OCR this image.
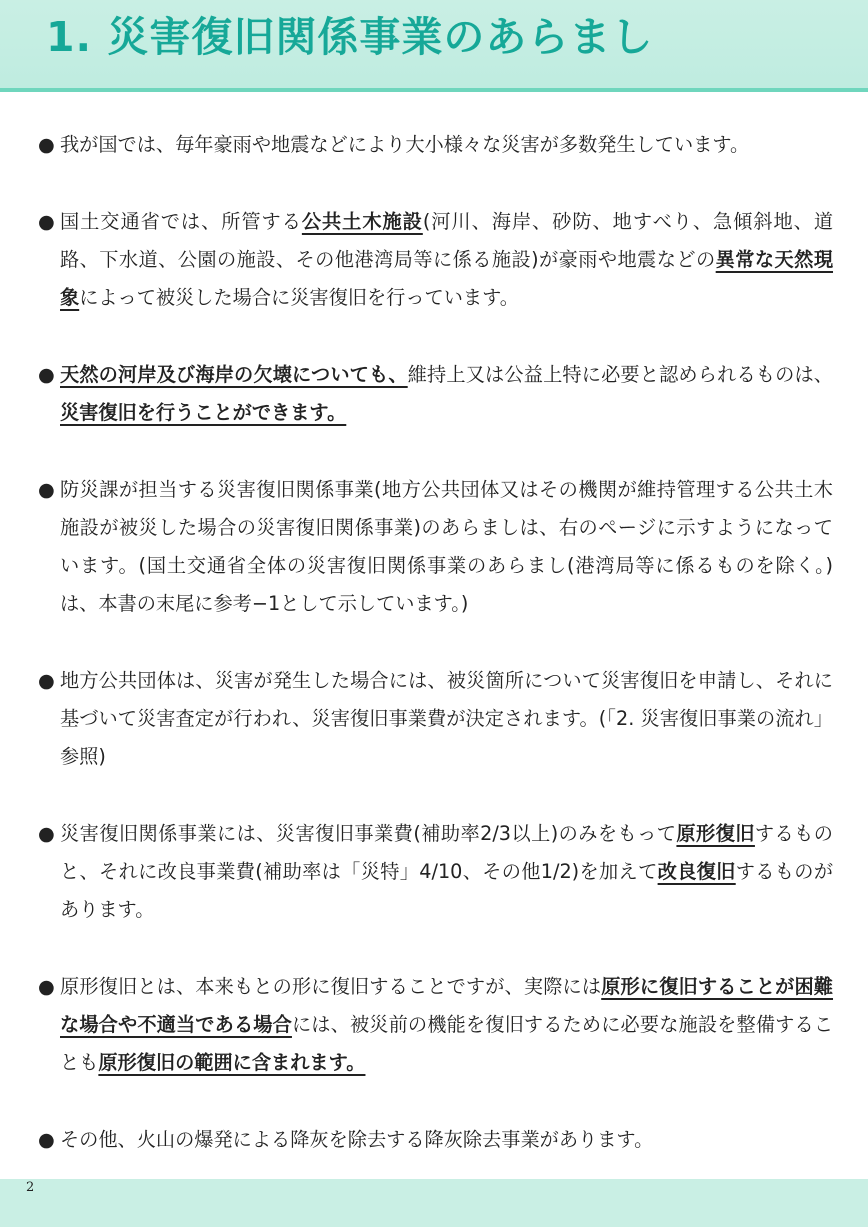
1. 災害復旧関係事業のあらまし
● 我が国では、毎年豪雨や地震などにより大小様々な災害が多数発生しています。
● 国土交通省では、所管する公共土木施設(河川、海岸、砂防、地すべり、急傾斜地、道路、下水道、公園の施設、その他港湾局等に係る施設)が豪雨や地震などの異常な天然現象によって被災した場合に災害復旧を行っています。
● 天然の河岸及び海岸の欠壊についても、維持上又は公益上特に必要と認められるものは、災害復旧を行うことができます。
● 防災課が担当する災害復旧関係事業(地方公共団体又はその機関が維持管理する公共土木施設が被災した場合の災害復旧関係事業)のあらましは、右のページに示すようになっています。(国土交通省全体の災害復旧関係事業のあらまし(港湾局等に係るものを除く。)は、本書の末尾に参考−1として示しています。)
● 地方公共団体は、災害が発生した場合には、被災箇所について災害復旧を申請し、それに基づいて災害査定が行われ、災害復旧事業費が決定されます。(「2. 災害復旧事業の流れ」参照)
● 災害復旧関係事業には、災害復旧事業費(補助率2/3以上)のみをもって原形復旧するものと、それに改良事業費(補助率は「災特」4/10、その他1/2)を加えて改良復旧するものがあります。
● 原形復旧とは、本来もとの形に復旧することですが、実際には原形に復旧することが困難な場合や不適当である場合には、被災前の機能を復旧するために必要な施設を整備することも原形復旧の範囲に含まれます。
● その他、火山の爆発による降灰を除去する降灰除去事業があります。
2
